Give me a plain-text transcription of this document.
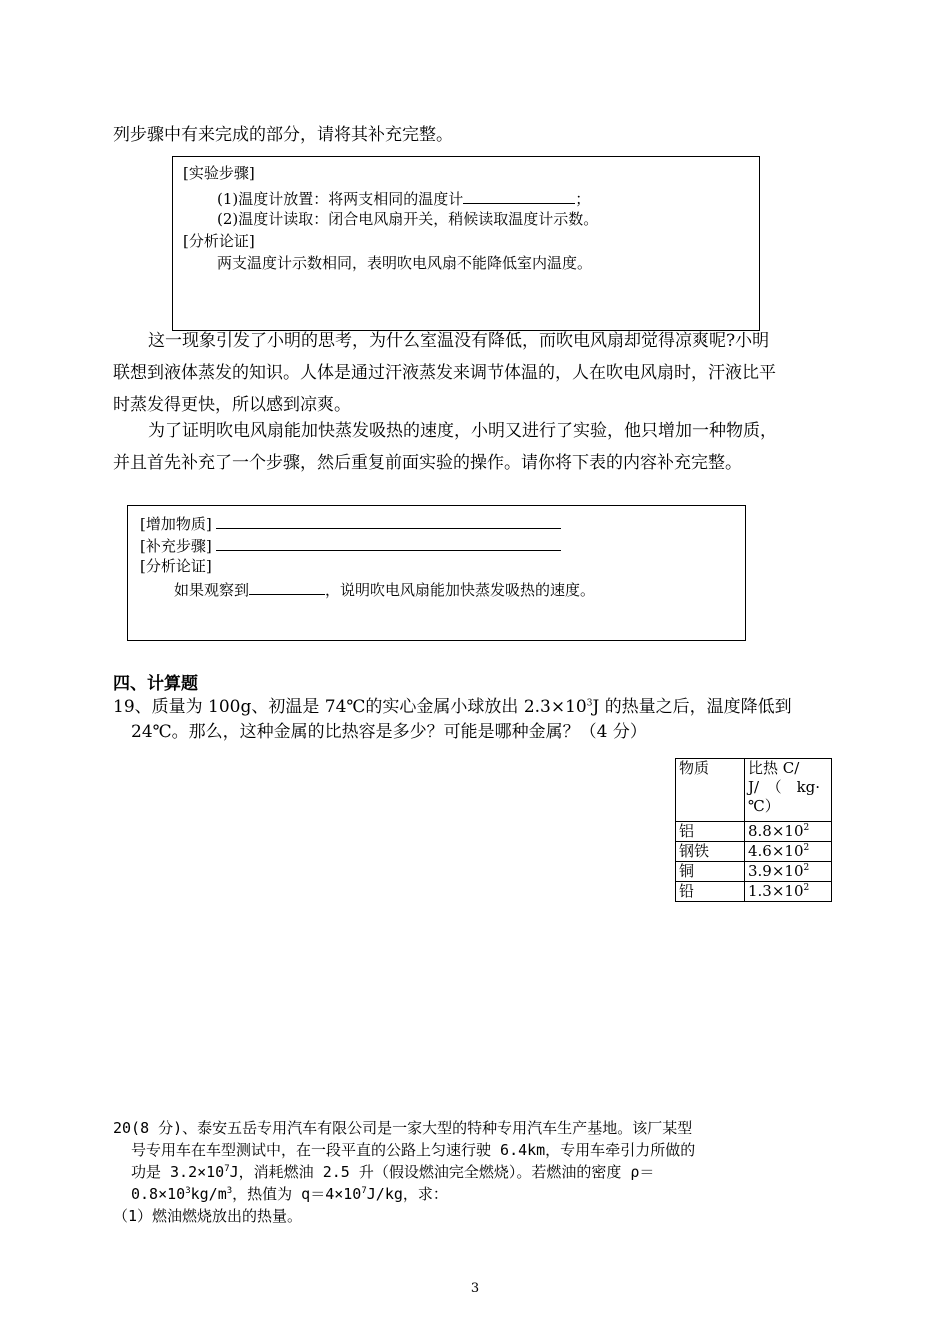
列步骤中有来完成的部分，请将其补充完整。
[实验步骤]
(1)温度计放置：将两支相同的温度计	；
(2)温度计读取：闭合电风扇开关，稍候读取温度计示数。
[分析论证]
两支温度计示数相同，表明吹电风扇不能降低室内温度。
这一现象引发了小明的思考，为什么室温没有降低，而吹电风扇却觉得凉爽呢?小明
联想到液体蒸发的知识。人体是通过汗液蒸发来调节体温的，人在吹电风扇时，汗液比平
时蒸发得更快，所以感到凉爽。
为了证明吹电风扇能加快蒸发吸热的速度，小明又进行了实验，他只增加一种物质，
并且首先补充了一个步骤，然后重复前面实验的操作。请你将下表的内容补充完整。
[增加物质]
[补充步骤]
[分析论证]
如果观察到	，说明吹电风扇能加快蒸发吸热的速度。
四、计算题
19、质量为 100g、初温是 74℃的实心金属小球放出 $2.3\times 10^3J$ 的热量之后，温度降低到
24℃。那么，这种金属的比热容是多少？可能是哪种金属？（4 分）
物质	比热 C/
J/　（　kg·
℃）

铝	$8.8\times 10^2$
钢铁	$4.6\times 10^2$
铜	$3.9\times 10^2$
铅	$1.3\times 10^2$
20(8 分)、泰安五岳专用汽车有限公司是一家大型的特种专用汽车生产基地。该厂某型
号专用车在车型测试中，在一段平直的公路上匀速行驶 6.4km，专用车牵引力所做的
功是 $3.2\times 10^7J$，消耗燃油 2.5 升（假设燃油完全燃烧）。若燃油的密度 ρ＝
$0.8\times 10^3kg/m^3$，热值为 $q=4\times 10^7J/kg$，求：
（1）燃油燃烧放出的热量。
3
